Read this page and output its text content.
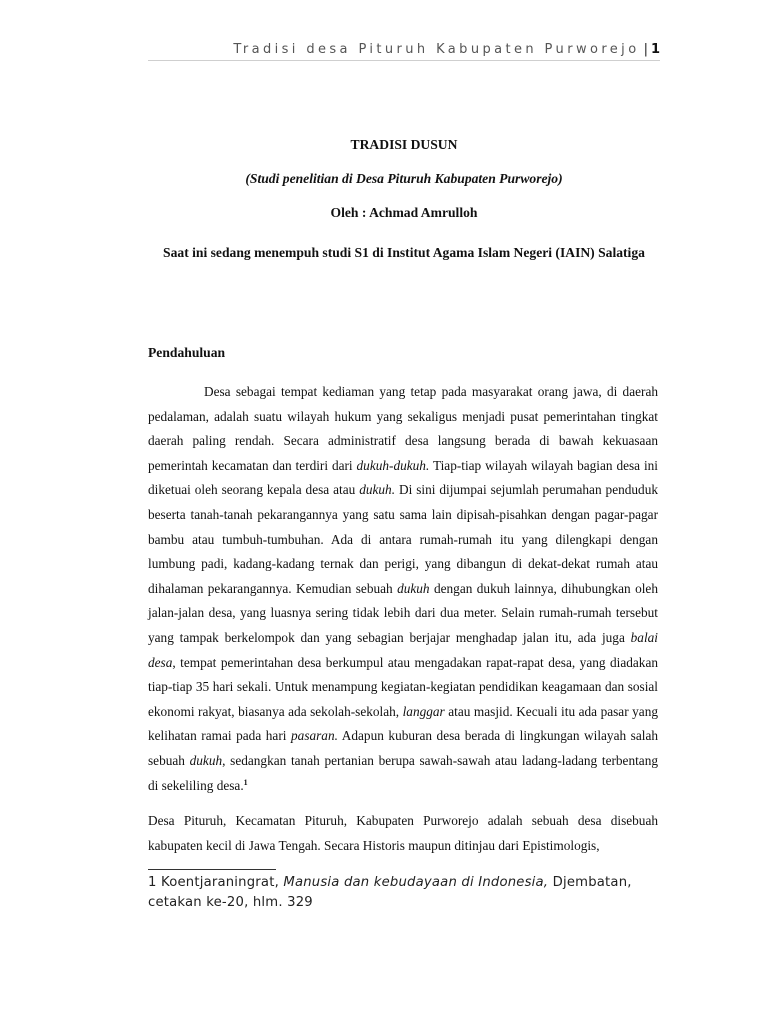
Tradisi desa Pituruh Kabupaten Purworejo | 1
TRADISI DUSUN
(Studi penelitian di Desa Pituruh Kabupaten Purworejo)
Oleh : Achmad Amrulloh
Saat ini sedang menempuh studi S1 di Institut Agama Islam Negeri (IAIN) Salatiga
Pendahuluan

Desa sebagai tempat kediaman yang tetap pada masyarakat orang jawa, di daerah pedalaman, adalah suatu wilayah hukum yang sekaligus menjadi pusat pemerintahan tingkat daerah paling rendah. Secara administratif desa langsung berada di bawah kekuasaan pemerintah kecamatan dan terdiri dari dukuh-dukuh. Tiap-tiap wilayah wilayah bagian desa ini diketuai oleh seorang kepala desa atau dukuh. Di sini dijumpai sejumlah perumahan penduduk beserta tanah-tanah pekarangannya yang satu sama lain dipisah-pisahkan dengan pagar-pagar bambu atau tumbuh-tumbuhan. Ada di antara rumah-rumah itu yang dilengkapi dengan lumbung padi, kadang-kadang ternak dan perigi, yang dibangun di dekat-dekat rumah atau dihalaman pekarangannya. Kemudian sebuah dukuh dengan dukuh lainnya, dihubungkan oleh jalan-jalan desa, yang luasnya sering tidak lebih dari dua meter. Selain rumah-rumah tersebut yang tampak berkelompok dan yang sebagian berjajar menghadap jalan itu, ada juga balai desa, tempat pemerintahan desa berkumpul atau mengadakan rapat-rapat desa, yang diadakan tiap-tiap 35 hari sekali. Untuk menampung kegiatan-kegiatan pendidikan keagamaan dan sosial ekonomi rakyat, biasanya ada sekolah-sekolah, langgar atau masjid. Kecuali itu ada pasar yang kelihatan ramai pada hari pasaran. Adapun kuburan desa berada di lingkungan wilayah salah sebuah dukuh, sedangkan tanah pertanian berupa sawah-sawah atau ladang-ladang terbentang di sekeliling desa.$^1$

Desa Pituruh, Kecamatan Pituruh, Kabupaten Purworejo adalah sebuah desa disebuah kabupaten kecil di Jawa Tengah. Secara Historis maupun ditinjau dari Epistimologis,

1 Koentjaraningrat, Manusia dan kebudayaan di Indonesia, Djembatan,
cetakan ke-20, hlm. 329
